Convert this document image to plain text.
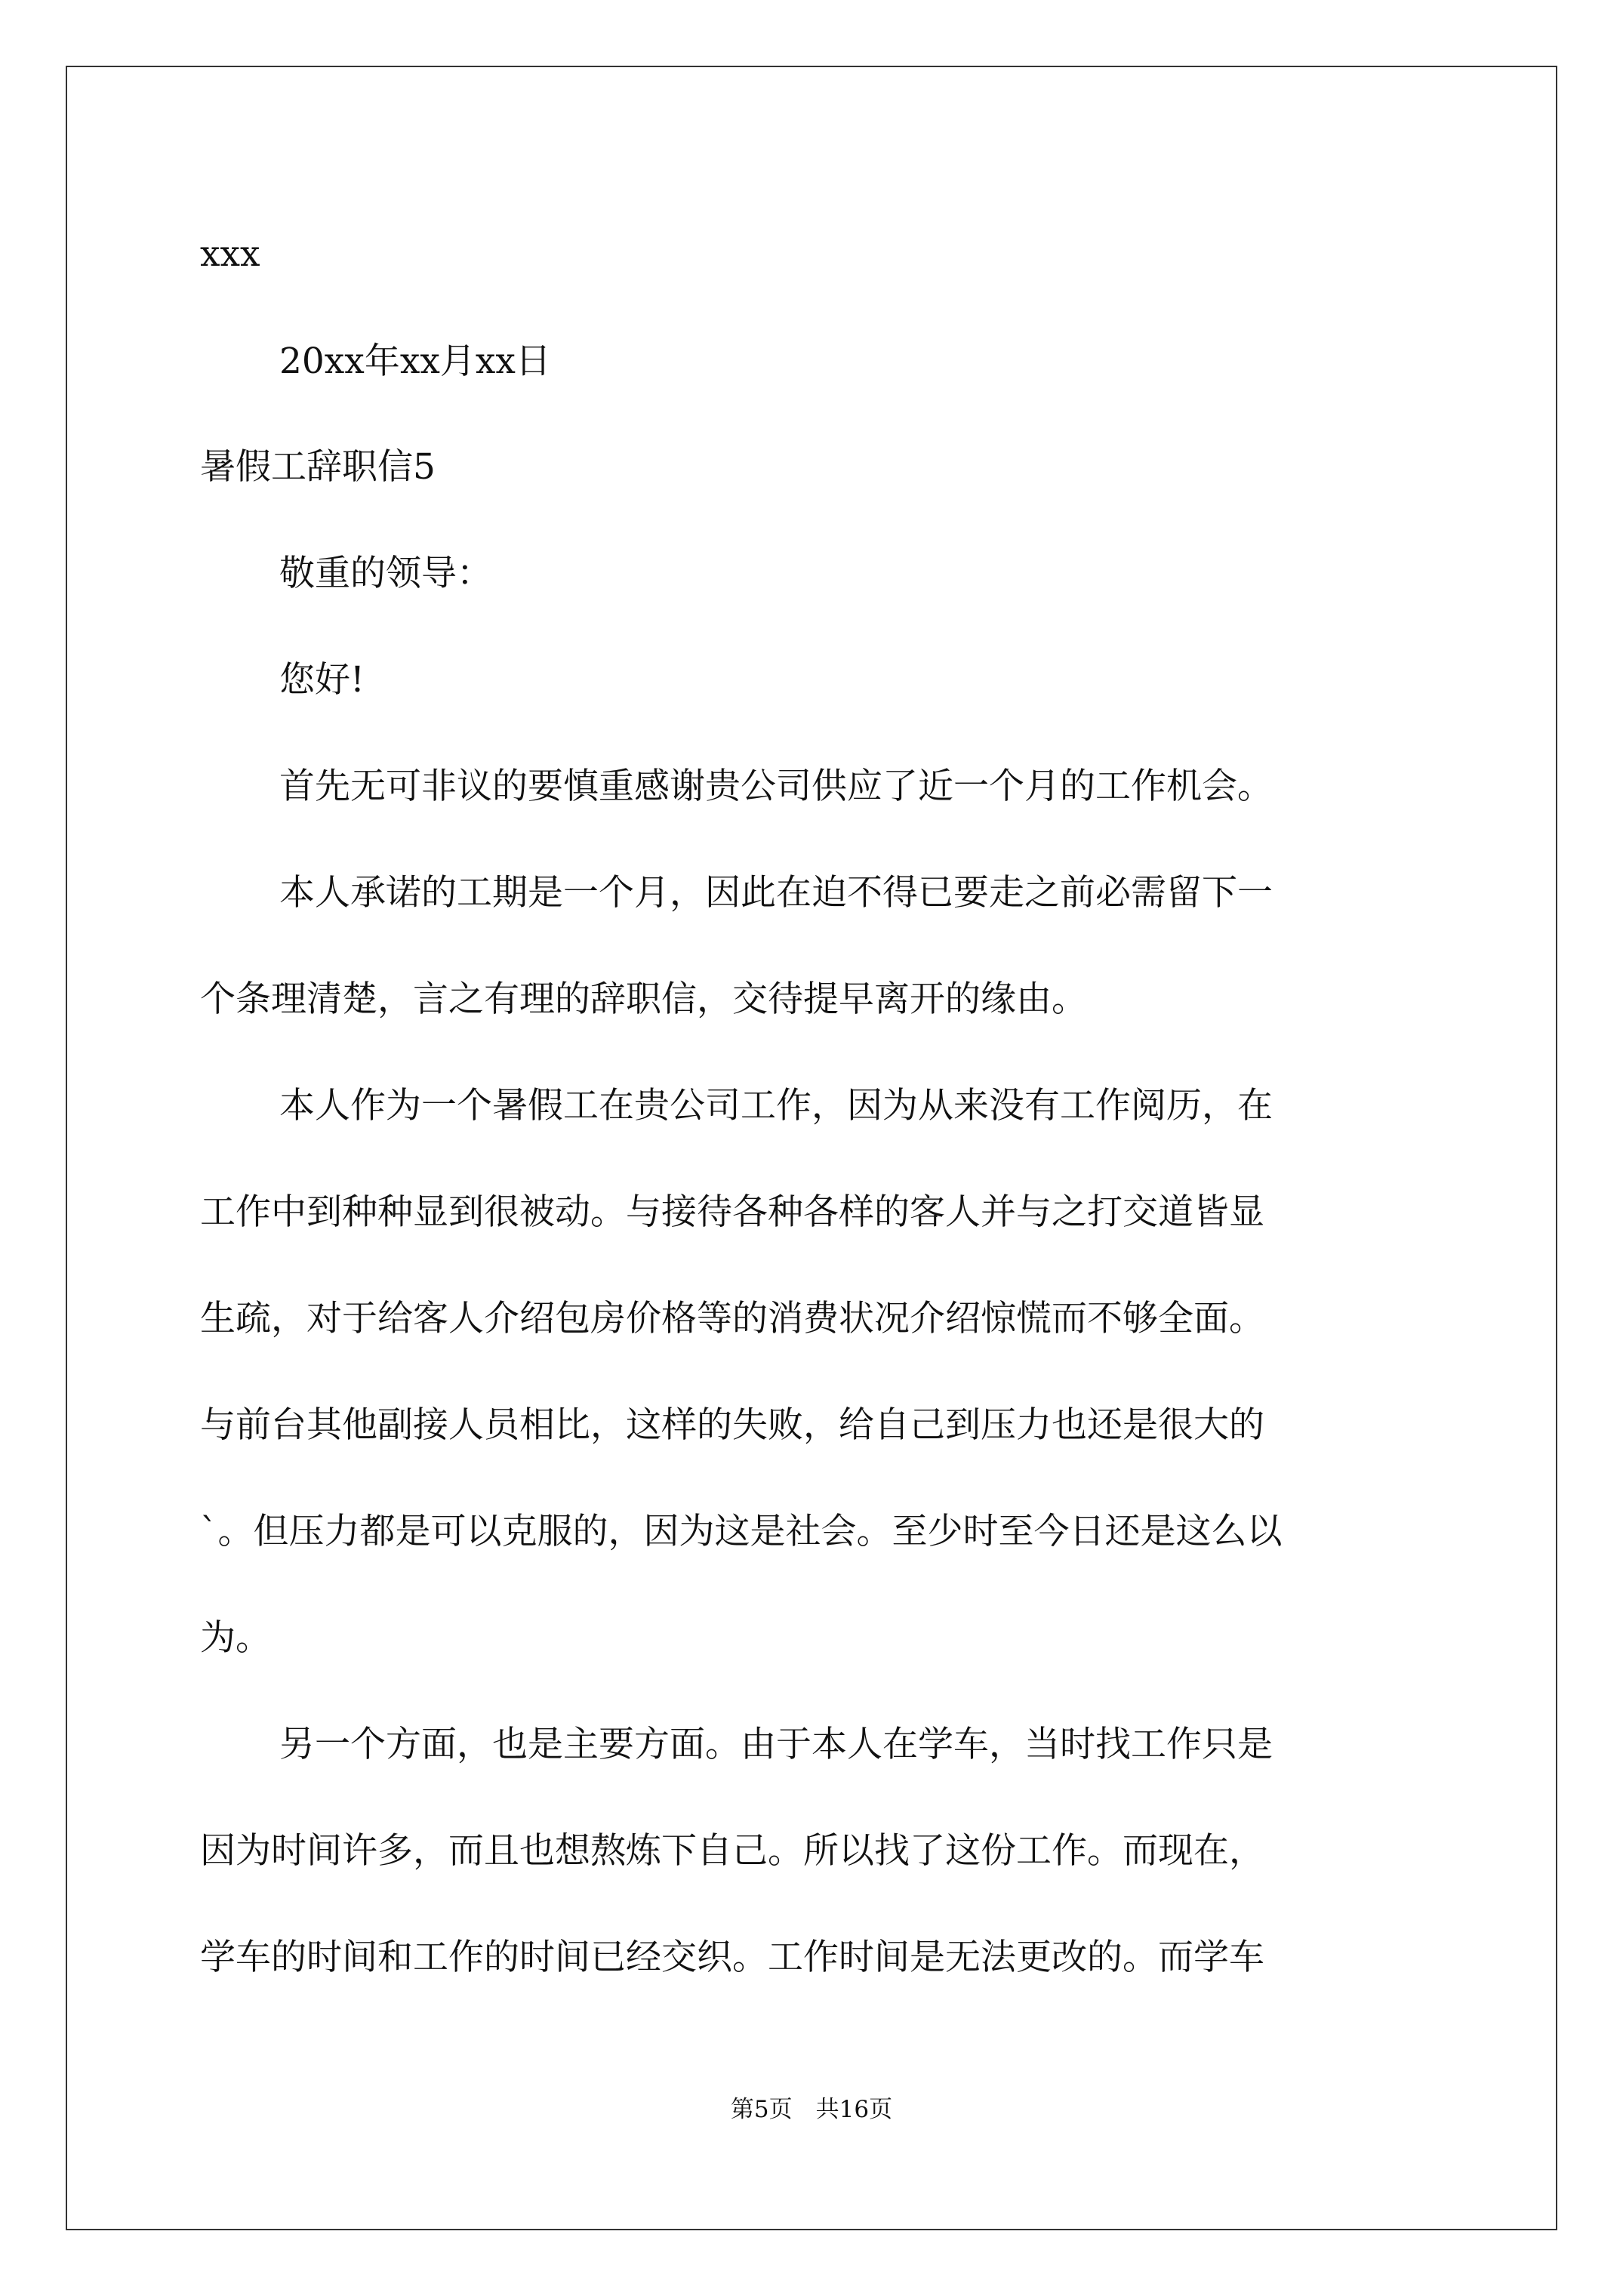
xxx
20xx年xx月xx日
暑假工辞职信5
敬重的领导：
您好!
首先无可非议的要慎重感谢贵公司供应了近一个月的工作机会。
本人承诺的工期是一个月，因此在迫不得已要走之前必需留下一
个条理清楚，言之有理的辞职信，交待提早离开的缘由。
本人作为一个暑假工在贵公司工作，因为从来没有工作阅历，在
工作中到种种显到很被动。与接待各种各样的客人并与之打交道皆显
生疏，对于给客人介绍包房价格等的消费状况介绍惊慌而不够全面。
与前台其他副接人员相比，这样的失败，给自己到压力也还是很大的
`。但压力都是可以克服的，因为这是社会。至少时至今日还是这么以
为。
另一个方面，也是主要方面。由于本人在学车，当时找工作只是
因为时间许多，而且也想熬炼下自己。所以找了这份工作。而现在，
学车的时间和工作的时间已经交织。工作时间是无法更改的。而学车
第5页　共16页
